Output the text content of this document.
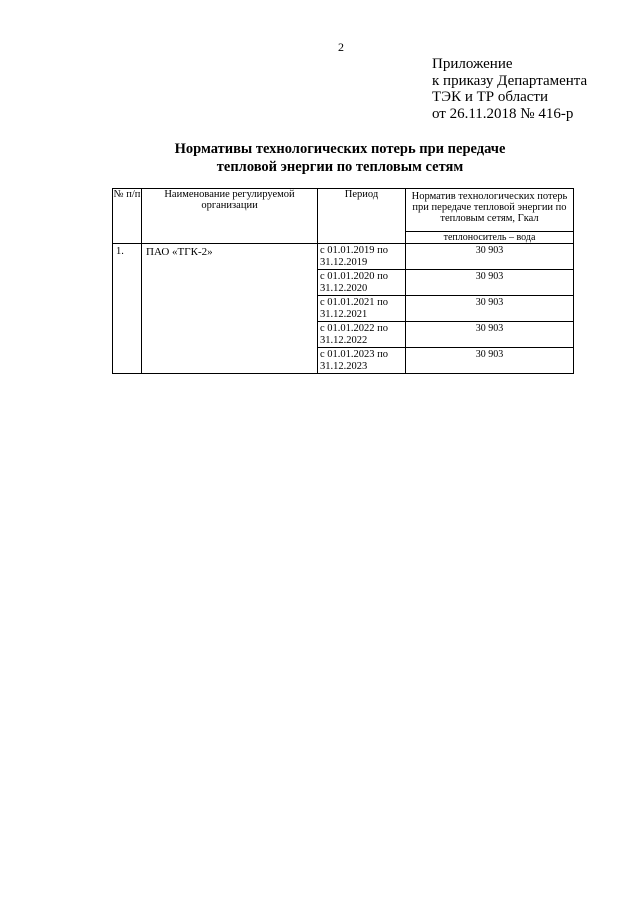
2
Приложение
к приказу Департамента
ТЭК и ТР области
от 26.11.2018 № 416-р
Нормативы технологических потерь при передаче
тепловой энергии по тепловым сетям
№ п/п	Наименование регулируемой организации	Период	Норматив технологических потерь при передаче тепловой энергии по тепловым сетям, Гкал
			теплоноситель – вода
1.	ПАО «ТГК-2»	с 01.01.2019 по 31.12.2019	30 903
		с 01.01.2020 по 31.12.2020	30 903
		с 01.01.2021 по 31.12.2021	30 903
		с 01.01.2022 по 31.12.2022	30 903
		с 01.01.2023 по 31.12.2023	30 903
